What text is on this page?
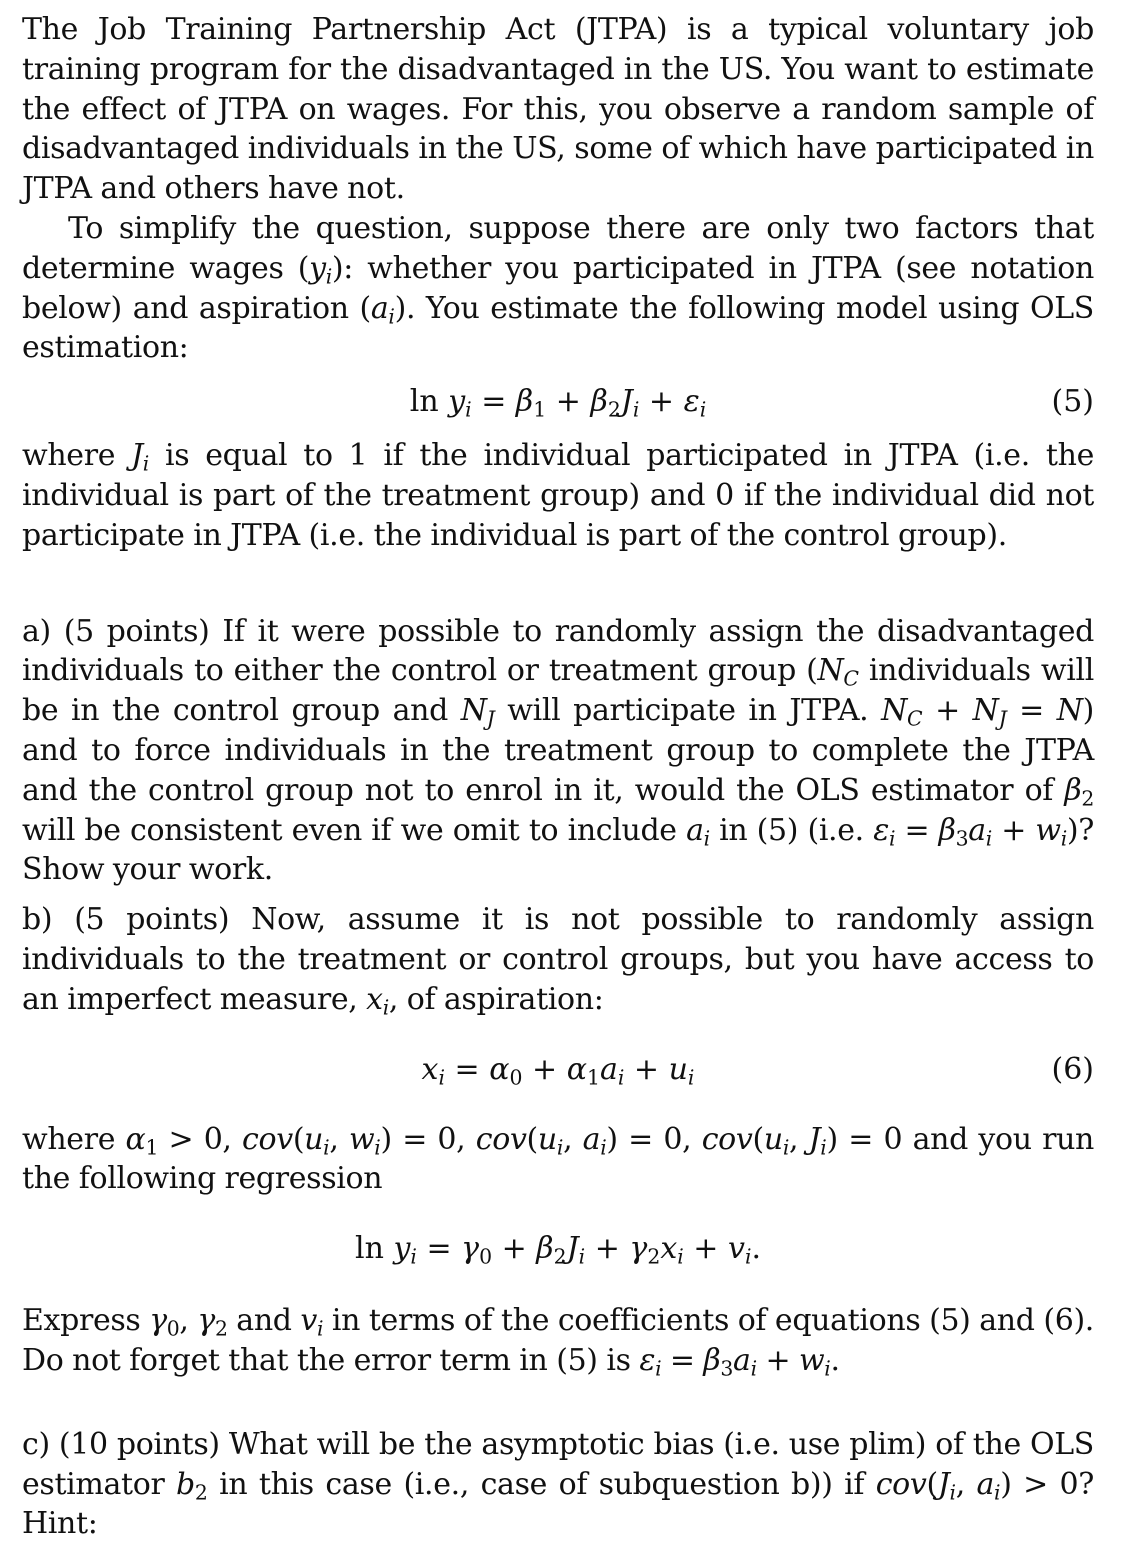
The Job Training Partnership Act (JTPA) is a typical voluntary job training program for the disadvantaged in the US. You want to estimate the effect of JTPA on wages. For this, you observe a random sample of disadvantaged individuals in the US, some of which have participated in JTPA and others have not.

To simplify the question, suppose there are only two factors that determine wages $(y_i)$: whether you participated in JTPA (see notation below) and aspiration $(a_i)$. You estimate the following model using OLS estimation:

$\ln y_i = \beta_1 + \beta_2J_i + \varepsilon_i$	(5)

where $J_i$ is equal to 1 if the individual participated in JTPA (i.e. the individual is part of the treatment group) and 0 if the individual did not participate in JTPA (i.e. the individual is part of the control group).

a) (5 points) If it were possible to randomly assign the disadvantaged individuals to either the control or treatment group ($N_C$ individuals will be in the control group and $N_J$ will participate in JTPA. $N_C + N_J = N$) and to force individuals in the treatment group to complete the JTPA and the control group not to enrol in it, would the OLS estimator of $\beta_2$ will be consistent even if we omit to include $a_i$ in (5) (i.e. $\varepsilon_i = \beta_3a_i + w_i$)? Show your work.

b) (5 points) Now, assume it is not possible to randomly assign individuals to the treatment or control groups, but you have access to an imperfect measure, $x_i$, of aspiration:

$x_i = \alpha_0 + \alpha_1a_i + u_i$	(6)

where $\alpha_1 > 0$, $cov(u_i$, $w_i) = 0$, $cov(u_i$, $a_i) = 0$, $cov(u_i$, $J_i) = 0$ and you run the following regression

$\ln y_i = \gamma_0 + \beta_2J_i + \gamma_2x_i + v_i$.

Express $\gamma_0$, $\gamma_2$ and $v_i$ in terms of the coefficients of equations (5) and (6). Do not forget that the error term in (5) is $\varepsilon_i = \beta_3a_i + w_i$.

c) (10 points) What will be the asymptotic bias (i.e. use plim) of the OLS estimator $b_2$ in this case (i.e., case of subquestion b)) if $cov(J_i$, $a_i) > 0$? Hint:
